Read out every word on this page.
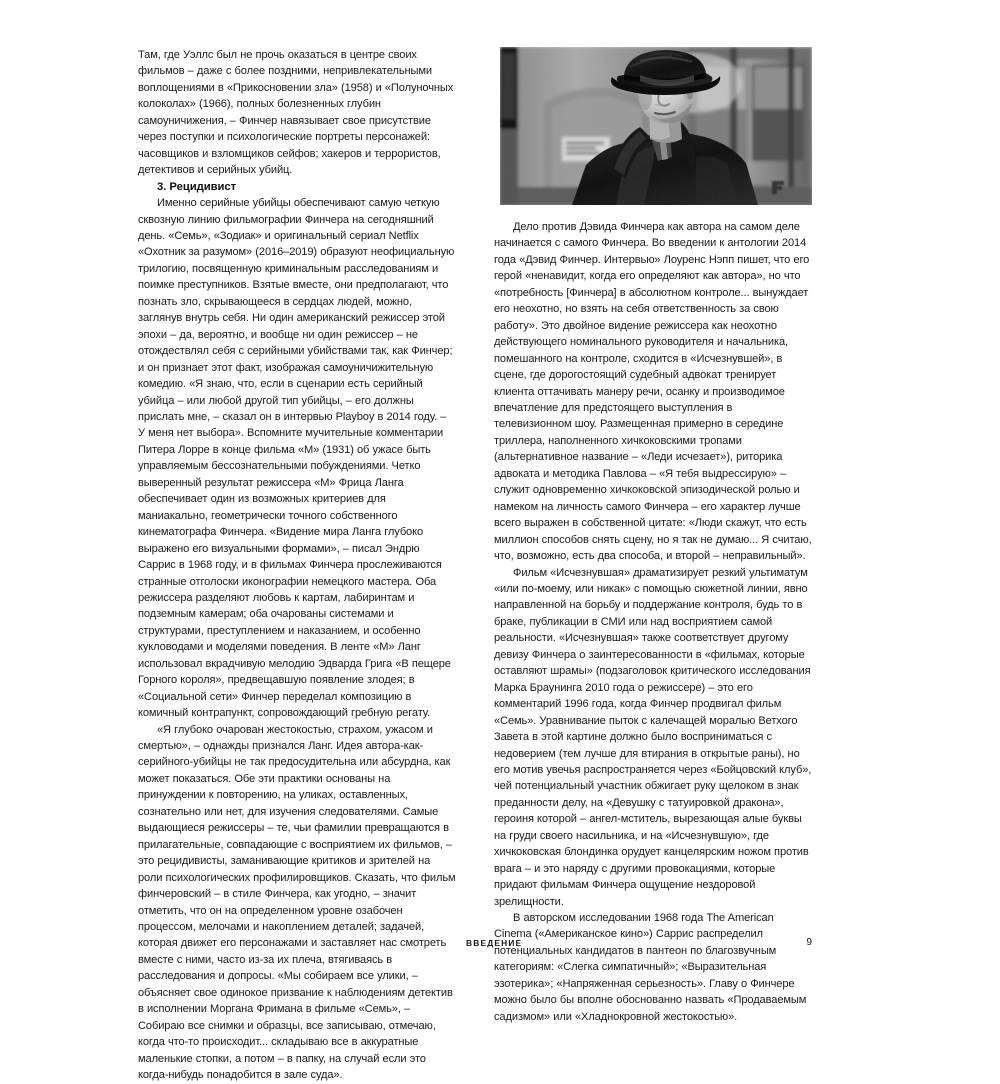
Там, где Уэллс был не прочь оказаться в центре своих фильмов – даже с более поздними, непривлекательными воплощениями в «Прикосновении зла» (1958) и «Полуночных колоколах» (1966), полных болезненных глубин самоуничижения, – Финчер навязывает свое присутствие через поступки и психологические портреты персонажей: часовщиков и взломщиков сейфов; хакеров и террористов, детективов и серийных убийц.

3. Рецидивист

Именно серийные убийцы обеспечивают самую четкую сквозную линию фильмографии Финчера на сегодняшний день. «Семь», «Зодиак» и оригинальный сериал Netflix «Охотник за разумом» (2016–2019) образуют неофициальную трилогию, посвященную криминальным расследованиям и поимке преступников. Взятые вместе, они предполагают, что познать зло, скрывающееся в сердцах людей, можно, заглянув внутрь себя. Ни один американский режиссер этой эпохи – да, вероятно, и вообще ни один режиссер – не отождествлял себя с серийными убийствами так, как Финчер; и он признает этот факт, изображая самоуничижительную комедию. «Я знаю, что, если в сценарии есть серийный убийца – или любой другой тип убийцы, – его должны прислать мне, – сказал он в интервью Playboy в 2014 году. – У меня нет выбора». Вспомните мучительные комментарии Питера Лорре в конце фильма «М» (1931) об ужасе быть управляемым бессознательными побуждениями. Четко выверенный результат режиссера «М» Фрица Ланга обеспечивает один из возможных критериев для маниакально, геометрически точного собственного кинематографа Финчера. «Видение мира Ланга глубоко выражено его визуальными формами», – писал Эндрю Саррис в 1968 году, и в фильмах Финчера прослеживаются странные отголоски иконографии немецкого мастера. Оба режиссера разделяют любовь к картам, лабиринтам и подземным камерам; оба очарованы системами и структурами, преступлением и наказанием, и особенно кукловодами и моделями поведения. В ленте «М» Ланг использовал вкрадчивую мелодию Эдварда Грига «В пещере Горного короля», предвещавшую появление злодея; в «Социальной сети» Финчер переделал композицию в комичный контрапункт, сопровождающий гребную регату.

«Я глубоко очарован жестокостью, страхом, ужасом и смертью», – однажды признался Ланг. Идея автора-как-серийного-убийцы не так предосудительна или абсурдна, как может показаться. Обе эти практики основаны на принуждении к повторению, на уликах, оставленных, сознательно или нет, для изучения следователями. Самые выдающиеся режиссеры – те, чьи фамилии превращаются в прилагательные, совпадающие с восприятием их фильмов, – это рецидивисты, заманивающие критиков и зрителей на роли психологических профилировщиков. Сказать, что фильм финчеровский – в стиле Финчера, как угодно, – значит отметить, что он на определенном уровне озабочен процессом, мелочами и накоплением деталей; задачей, которая движет его персонажами и заставляет нас смотреть вместе с ними, часто из-за их плеча, втягиваясь в расследования и допросы. «Мы собираем все улики, – объясняет свое одинокое призвание к наблюдениям детектив в исполнении Моргана Фримана в фильме «Семь», – Собираю все снимки и образцы, все записываю, отмечаю, когда что-то происходит... складываю все в аккуратные маленькие стопки, а потом – в папку, на случай если это когда-нибудь понадобится в зале суда».

Дело против Дэвида Финчера как автора на самом деле начинается с самого Финчера. Во введении к антологии 2014 года «Дэвид Финчер. Интервью» Лоуренс Нэпп пишет, что его герой «ненавидит, когда его определяют как автора», но что «потребность [Финчера] в абсолютном контроле... вынуждает его неохотно, но взять на себя ответственность за свою работу». Это двойное видение режиссера как неохотно действующего номинального руководителя и начальника, помешанного на контроле, сходится в «Исчезнувшей», в сцене, где дорогостоящий судебный адвокат тренирует клиента оттачивать манеру речи, осанку и производимое впечатление для предстоящего выступления в телевизионном шоу. Размещенная примерно в середине триллера, наполненного хичкоковскими тропами (альтернативное название – «Леди исчезает»), риторика адвоката и методика Павлова – «Я тебя выдрессирую» – служит одновременно хичкоковской эпизодической ролью и намеком на личность самого Финчера – его характер лучше всего выражен в собственной цитате: «Люди скажут, что есть миллион способов снять сцену, но я так не думаю... Я считаю, что, возможно, есть два способа, и второй – неправильный».

Фильм «Исчезнувшая» драматизирует резкий ультиматум «или по-моему, или никак» с помощью сюжетной линии, явно направленной на борьбу и поддержание контроля, будь то в браке, публикации в СМИ или над восприятием самой реальности. «Исчезнувшая» также соответствует другому девизу Финчера о заинтересованности в «фильмах, которые оставляют шрамы» (подзаголовок критического исследования Марка Браунинга 2010 года о режиссере) – это его комментарий 1996 года, когда Финчер продвигал фильм «Семь». Уравнивание пыток с калечащей моралью Ветхого Завета в этой картине должно было восприниматься с недоверием (тем лучше для втирания в открытые раны), но его мотив увечья распространяется через «Бойцовский клуб», чей потенциальный участник обжигает руку щелоком в знак преданности делу, на «Девушку с татуировкой дракона», героиня которой – ангел-мститель, вырезающая алые буквы на груди своего насильника, и на «Исчезнувшую», где хичкоковская блондинка орудует канцелярским ножом против врага – и это наряду с другими провокациями, которые придают фильмам Финчера ощущение нездоровой зрелищности.

В авторском исследовании 1968 года The American Cinema («Американское кино») Саррис распределил потенциальных кандидатов в пантеон по благозвучным категориям: «Слегка симпатичный»; «Выразительная эзотерика»; «Напряженная серьезность». Главу о Финчере можно было бы вполне обоснованно назвать «Продаваемым садизмом» или «Хладнокровной жестокостью».

ВВЕДЕНИЕ	9
